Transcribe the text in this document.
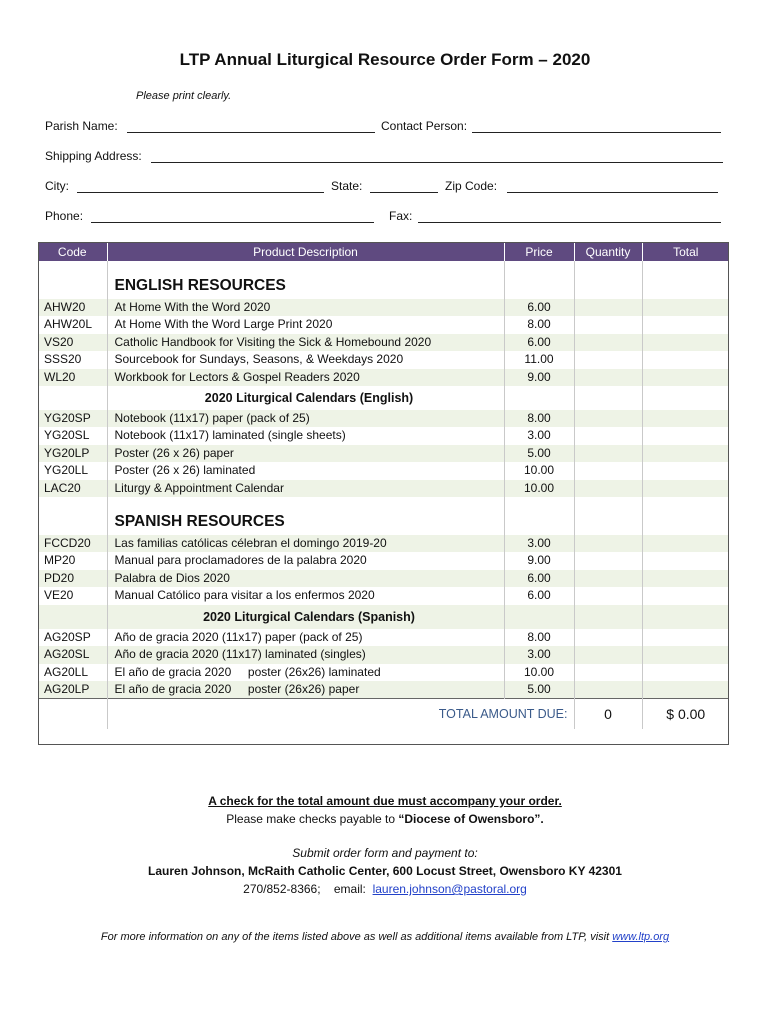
LTP Annual Liturgical Resource Order Form – 2020
Please print clearly.
Parish Name:	Contact Person:
Shipping Address:
City:	State:	Zip Code:
Phone:	Fax:
Code	Product Description	Price	Quantity	Total
	ENGLISH RESOURCES			
AHW20	At Home With the Word 2020	6.00		
AHW20L	At Home With the Word Large Print 2020	8.00		
VS20	Catholic Handbook for Visiting the Sick & Homebound 2020	6.00		
SSS20	Sourcebook for Sundays, Seasons, & Weekdays 2020	11.00		
WL20	Workbook for Lectors & Gospel Readers 2020	9.00		
	2020 Liturgical Calendars (English)			
YG20SP	Notebook (11x17) paper (pack of 25)	8.00		
YG20SL	Notebook (11x17) laminated (single sheets)	3.00		
YG20LP	Poster (26 x 26) paper	5.00		
YG20LL	Poster (26 x 26) laminated	10.00		
LAC20	Liturgy & Appointment Calendar	10.00		
	SPANISH RESOURCES			
FCCD20	Las familias católicas célebran el domingo 2019-20	3.00		
MP20	Manual para proclamadores de la palabra 2020	9.00		
PD20	Palabra de Dios 2020	6.00		
VE20	Manual Católico para visitar a los enfermos 2020	6.00		
	2020 Liturgical Calendars (Spanish)			
AG20SP	Año de gracia 2020 (11x17) paper (pack of 25)	8.00		
AG20SL	Año de gracia 2020 (11x17) laminated (singles)	3.00		
AG20LL	El año de gracia 2020     poster (26x26) laminated	10.00		
AG20LP	El año de gracia 2020     poster (26x26) paper	5.00		
	TOTAL AMOUNT DUE:		0	$ 0.00
A check for the total amount due must accompany your order.
Please make checks payable to “Diocese of Owensboro”.
Submit order form and payment to:
Lauren Johnson, McRaith Catholic Center, 600 Locust Street, Owensboro KY 42301
270/852-8366;    email:  lauren.johnson@pastoral.org
For more information on any of the items listed above as well as additional items available from LTP, visit www.ltp.org
